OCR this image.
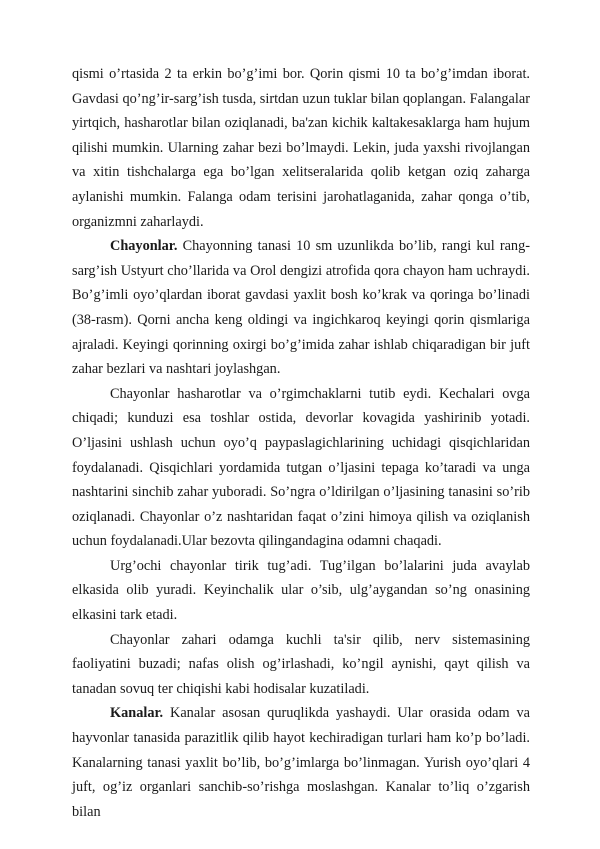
qismi o’rtasida 2 ta erkin bo’g’imi bor. Qorin qismi 10 ta bo’g’imdan iborat. Gavdasi qo’ng’ir-sarg’ish tusda, sirtdan uzun tuklar bilan qoplangan. Falangalar yirtqich, hasharotlar bilan oziqlanadi, ba'zan kichik kaltakesaklarga ham hujum qilishi mumkin. Ularning zahar bezi bo’lmaydi. Lekin, juda yaxshi rivojlangan va xitin tishchalarga ega bo’lgan xelitseralarida qolib ketgan oziq zaharga aylanishi mumkin. Falanga odam terisini jarohatlaganida, zahar qonga o’tib, organizmni zaharlaydi.

Chayonlar. Chayonning tanasi 10 sm uzunlikda bo’lib, rangi kul rang-sarg’ish Ustyurt cho’llarida va Orol dengizi atrofida qora chayon ham uchraydi. Bo’g’imli oyo’qlardan iborat gavdasi yaxlit bosh ko’krak va qoringa bo’linadi (38-rasm). Qorni ancha keng oldingi va ingichkaroq keyingi qorin qismlariga ajraladi. Keyingi qorinning oxirgi bo’g’imida zahar ishlab chiqaradigan bir juft zahar bezlari va nashtari joylashgan.

Chayonlar hasharotlar va o’rgimchaklarni tutib eydi. Kechalari ovga chiqadi; kunduzi esa toshlar ostida, devorlar kovagida yashirinib yotadi. O’ljasini ushlash uchun oyo’q paypaslagichlarining uchidagi qisqichlaridan foydalanadi. Qisqichlari yordamida tutgan o’ljasini tepaga ko’taradi va unga nashtarini sinchib zahar yuboradi. So’ngra o’ldirilgan o’ljasining tanasini so’rib oziqlanadi. Chayonlar o’z nashtaridan faqat o’zini himoya qilish va oziqlanish uchun foydalanadi.Ular bezovta qilingandagina odamni chaqadi.

Urg’ochi chayonlar tirik tug’adi. Tug’ilgan bo’lalarini juda avaylab elkasida olib yuradi. Keyinchalik ular o’sib, ulg’aygandan so’ng onasining elkasini tark etadi.

Chayonlar zahari odamga kuchli ta'sir qilib, nerv sistemasining faoliyatini buzadi; nafas olish og’irlashadi, ko’ngil aynishi, qayt qilish va tanadan sovuq ter chiqishi kabi hodisalar kuzatiladi.

Kanalar. Kanalar asosan quruqlikda yashaydi. Ular orasida odam va hayvonlar tanasida parazitlik qilib hayot kechiradigan turlari ham ko’p bo’ladi. Kanalarning tanasi yaxlit bo’lib, bo’g’imlarga bo’linmagan. Yurish oyo’qlari 4 juft, og’iz organlari sanchib-so’rishga moslashgan. Kanalar to’liq o’zgarish bilan
